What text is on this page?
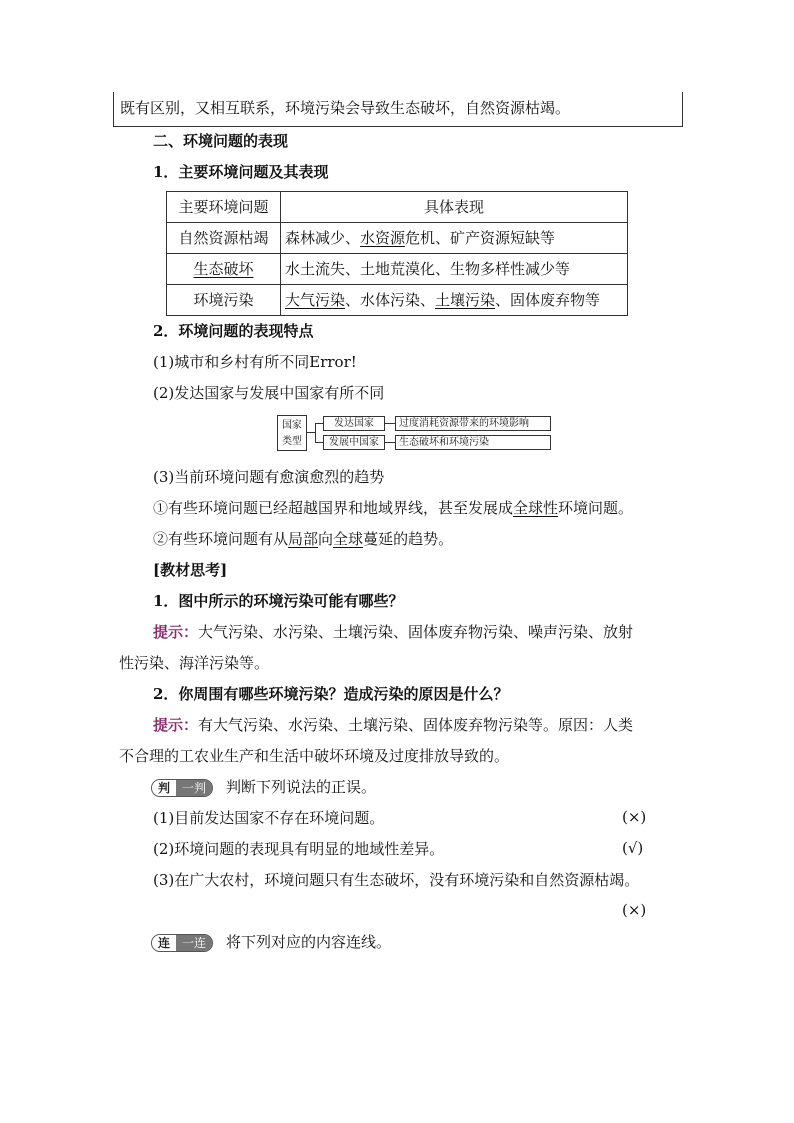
既有区别，又相互联系，环境污染会导致生态破坏，自然资源枯竭。
二、环境问题的表现
1．主要环境问题及其表现
主要环境问题	具体表现
自然资源枯竭	森林减少、水资源危机、矿产资源短缺等
生态破坏	水土流失、土地荒漠化、生物多样性减少等
环境污染	大气污染、水体污染、土壤污染、固体废弃物等
2．环境问题的表现特点
(1)城市和乡村有所不同Error!
(2)发达国家与发展中国家有所不同
国家
类型
发达国家
发展中国家
过度消耗资源带来的环境影响
生态破坏和环境污染
(3)当前环境问题有愈演愈烈的趋势
①有些环境问题已经超越国界和地域界线，甚至发展成全球性环境问题。
②有些环境问题有从局部向全球蔓延的趋势。
[教材思考]
1．图中所示的环境污染可能有哪些？
提示：大气污染、水污染、土壤污染、固体废弃物污染、噪声污染、放射
性污染、海洋污染等。
2．你周围有哪些环境污染？造成污染的原因是什么？
提示：有大气污染、水污染、土壤污染、固体废弃物污染等。原因：人类
不合理的工农业生产和生活中破坏环境及过度排放导致的。
判 一判	判断下列说法的正误。
(1)目前发达国家不存在环境问题。	(×)
(2)环境问题的表现具有明显的地域性差异。	(√)
(3)在广大农村，环境问题只有生态破坏，没有环境污染和自然资源枯竭。
(×)
连 一连	将下列对应的内容连线。
